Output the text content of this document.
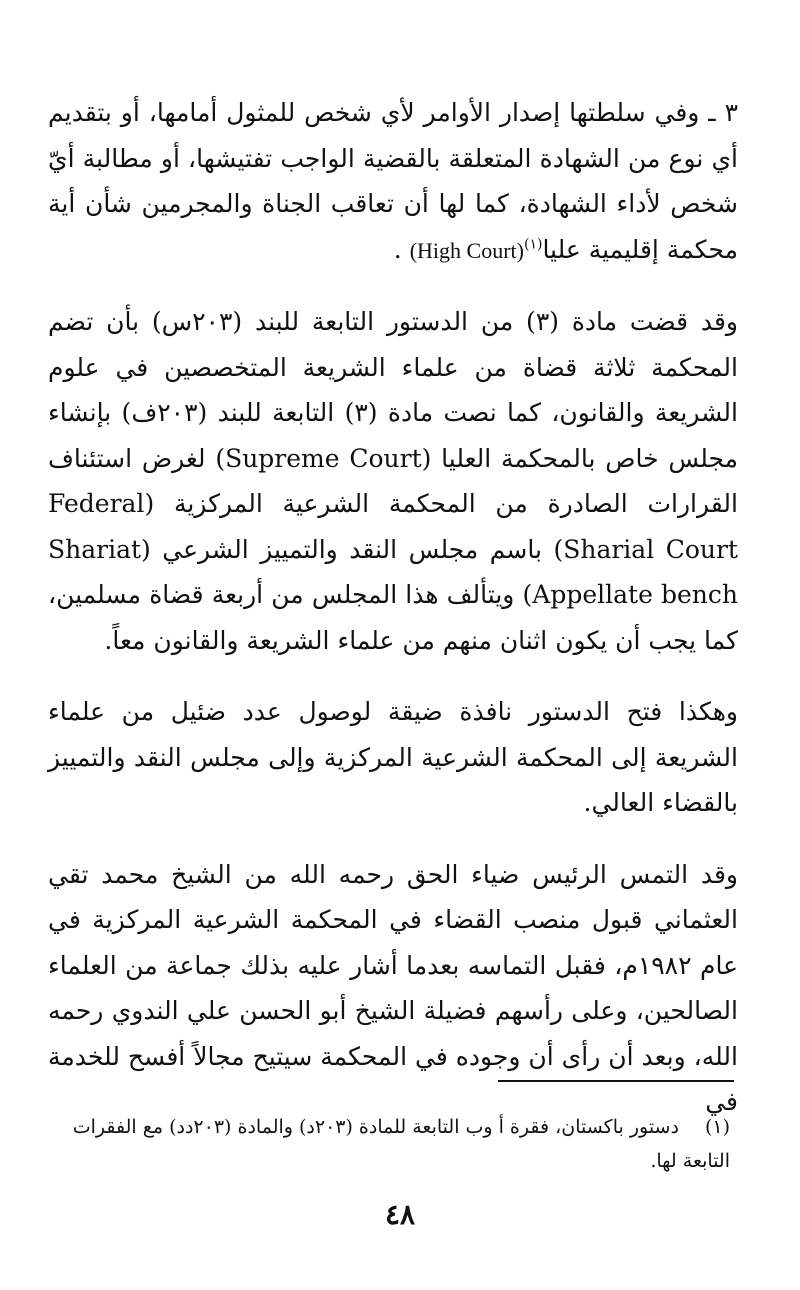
٣ ـ وفي سلطتها إصدار الأوامر لأي شخص للمثول أمامها، أو بتقديم أي نوع من الشهادة المتعلقة بالقضية الواجب تفتيشها، أو مطالبة أيّ شخص لأداء الشهادة، كما لها أن تعاقب الجناة والمجرمين شأن أية محكمة إقليمية عليا$^{(١)}$(High Court) .

وقد قضت مادة (٣) من الدستور التابعة للبند (٢٠٣س) بأن تضم المحكمة ثلاثة قضاة من علماء الشريعة المتخصصين في علوم الشريعة والقانون، كما نصت مادة (٣) التابعة للبند (٢٠٣ف) بإنشاء مجلس خاص بالمحكمة العليا (Supreme Court) لغرض استئناف القرارات الصادرة من المحكمة الشرعية المركزية (Federal Sharial Court) باسم مجلس النقد والتمييز الشرعي (Shariat Appellate bench) ويتألف هذا المجلس من أربعة قضاة مسلمين، كما يجب أن يكون اثنان منهم من علماء الشريعة والقانون معاً.

وهكذا فتح الدستور نافذة ضيقة لوصول عدد ضئيل من علماء الشريعة إلى المحكمة الشرعية المركزية وإلى مجلس النقد والتمييز بالقضاء العالي.

وقد التمس الرئيس ضياء الحق رحمه الله من الشيخ محمد تقي العثماني قبول منصب القضاء في المحكمة الشرعية المركزية في عام ١٩٨٢م، فقبل التماسه بعدما أشار عليه بذلك جماعة من العلماء الصالحين، وعلى رأسهم فضيلة الشيخ أبو الحسن علي الندوي رحمه الله، وبعد أن رأى أن وجوده في المحكمة سيتيح مجالاً أفسح للخدمة في

(١)دستور باكستان، فقرة أ وب التابعة للمادة (٢٠٣د) والمادة (٢٠٣دد) مع الفقرات التابعة لها.
٤٨
